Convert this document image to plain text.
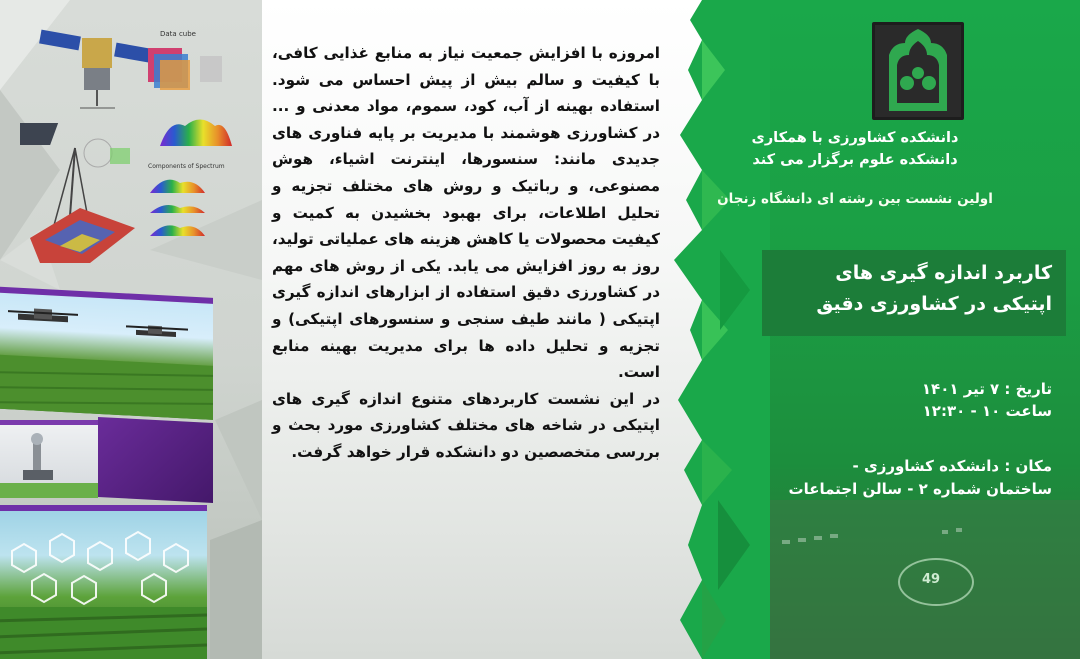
Data cube
Components of Spectrum

امروزه با افزایش جمعیت نیاز به منابع غذایی کافی، با کیفیت و سالم بیش از پیش احساس می شود. استفاده بهینه از آب، کود، سموم، مواد معدنی و ... در کشاورزی هوشمند با مدیریت بر پایه فناوری های جدیدی مانند: سنسورها، اینترنت اشیاء، هوش مصنوعی، و رباتیک و روش های مختلف تجزیه و تحلیل اطلاعات، برای بهبود بخشیدن به کمیت و کیفیت محصولات یا کاهش هزینه های عملیاتی تولید، روز به روز افزایش می یابد. یکی از روش های مهم در کشاورزی دقیق استفاده از ابزارهای اندازه گیری اپتیکی ( مانند طیف سنجی و سنسورهای اپتیکی) و تجزیه و تحلیل داده ها برای مدیریت بهینه منابع است.

در این نشست کاربردهای متنوع اندازه گیری های اپتیکی در شاخه های مختلف کشاورزی مورد بحث و بررسی متخصصین دو دانشکده قرار خواهد گرفت.

دانشکده کشاورزی با همکاری
دانشکده علوم برگزار می کند
اولین نشست بین رشته ای دانشگاه زنجان
کاربرد اندازه گیری های
اپتیکی در کشاورزی دقیق
تاریخ : ۷ تیر ۱۴۰۱
ساعت ۱۰ - ۱۲:۳۰
مکان : دانشکده کشاورزی -
ساختمان شماره ۲ - سالن اجتماعات
49
